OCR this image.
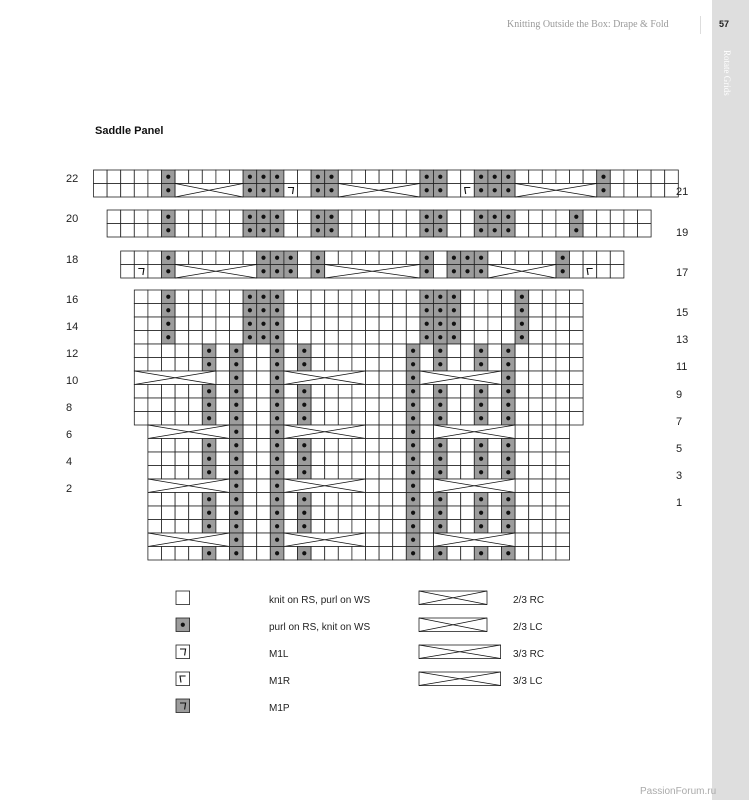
Knitting Outside the Box: Drape & Fold	57
Rotate Grids
Saddle Panel
22
20
18
16
14
12
10
8
6
4
2
21
19
17
15
13
11
9
7
5
3
1
knit on RS, purl on WS
purl on RS, knit on WS
M1L
M1R
M1P
2/3 RC
2/3 LC
3/3 RC
3/3 LC
PassionForum.ru
